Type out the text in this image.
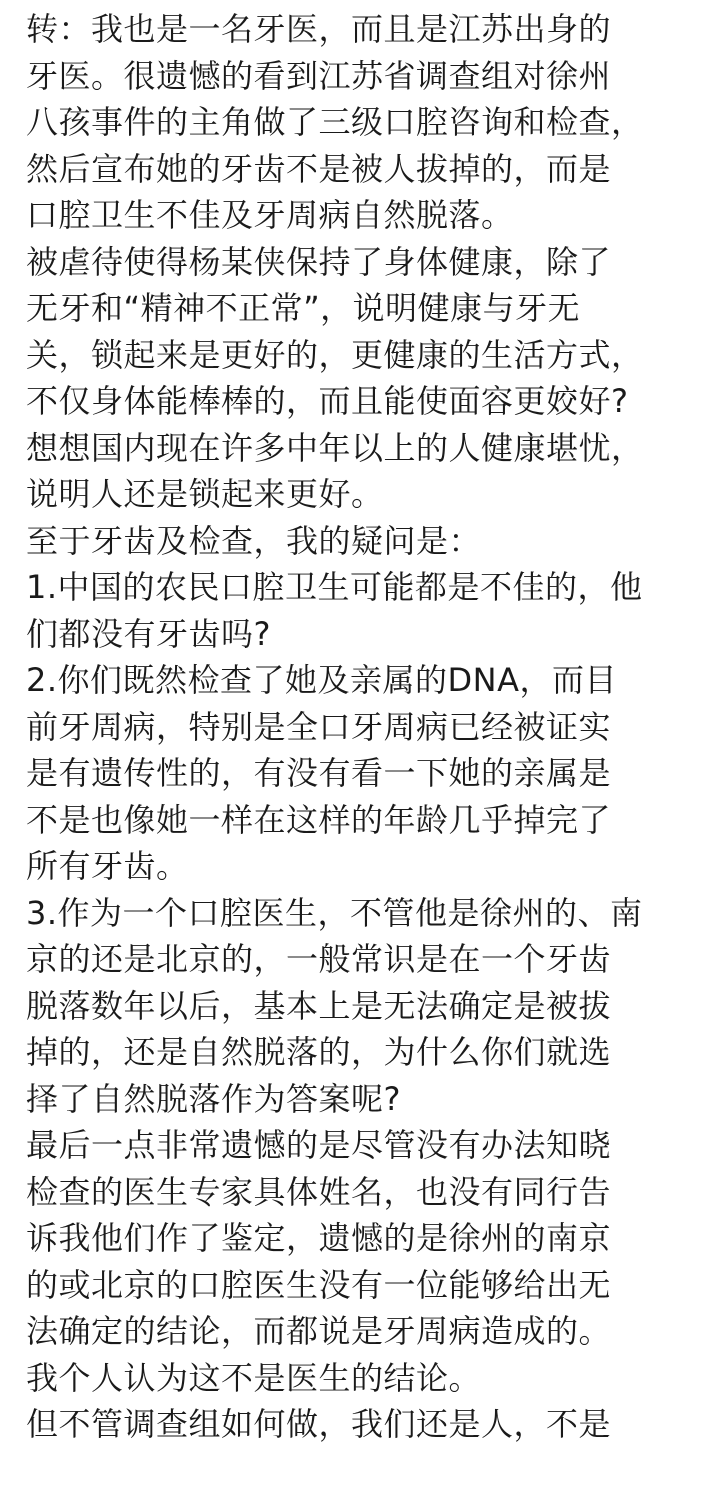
转：我也是一名牙医，而且是江苏出身的
牙医。很遗憾的看到江苏省调查组对徐州
八孩事件的主角做了三级口腔咨询和检查，
然后宣布她的牙齿不是被人拔掉的，而是
口腔卫生不佳及牙周病自然脱落。
被虐待使得杨某侠保持了身体健康，除了
无牙和“精神不正常”，说明健康与牙无
关，锁起来是更好的，更健康的生活方式，
不仅身体能棒棒的，而且能使面容更姣好?
想想国内现在许多中年以上的人健康堪忧，
说明人还是锁起来更好。
至于牙齿及检查，我的疑问是：
1.中国的农民口腔卫生可能都是不佳的，他
们都没有牙齿吗?
2.你们既然检查了她及亲属的DNA，而目
前牙周病，特别是全口牙周病已经被证实
是有遗传性的，有没有看一下她的亲属是
不是也像她一样在这样的年龄几乎掉完了
所有牙齿。
3.作为一个口腔医生，不管他是徐州的、南
京的还是北京的，一般常识是在一个牙齿
脱落数年以后，基本上是无法确定是被拔
掉的，还是自然脱落的，为什么你们就选
择了自然脱落作为答案呢?
最后一点非常遗憾的是尽管没有办法知晓
检查的医生专家具体姓名，也没有同行告
诉我他们作了鉴定，遗憾的是徐州的南京
的或北京的口腔医生没有一位能够给出无
法确定的结论，而都说是牙周病造成的。
我个人认为这不是医生的结论。
但不管调查组如何做，我们还是人，不是
